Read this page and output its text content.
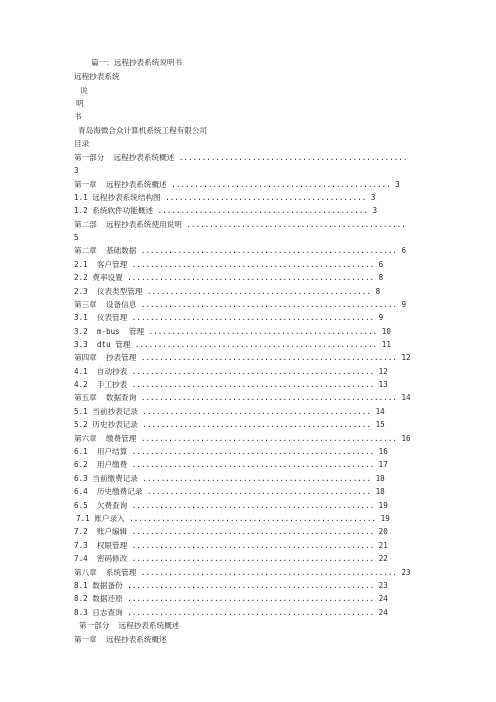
篇一：远程抄表系统说明书
远程抄表系统
说
明
书
青岛海微合众计算机系统工程有限公司
目录
第一部分  远程抄表系统概述 ..................................................
3
第一章  远程抄表系统概述 ................................................ 3
1.1 远程抄表系统结构图 ............................................ 3
1.2 系统软件功能概述 .............................................. 3
第二部  远程抄表系统使用说明 ................................................
5
第二章  基础数据 ........................................................ 6
2.1  客户管理 ..................................................... 6
2.2 费率设置 ...................................................... 8
2.3  仪表类型管理 ................................................. 8
第三章  设备信息 ........................................................ 9
3.1  仪表管理 ..................................................... 9
3.2  m-bus  管理 .................................................. 10
3.3  dtu 管理 ..................................................... 11
第四章  抄表管理 ........................................................ 12
4.1  自动抄表 ..................................................... 12
4.2  手工抄表 ..................................................... 13
第五章  数据查询 ........................................................ 14
5.1 当前抄表记录 .................................................. 14
5.2 历史抄表记录 .................................................. 15
第六章  缴费管理 ........................................................ 16
6.1  用户结算 ..................................................... 16
6.2  用户缴费 ..................................................... 17
6.3 当前缴费记录 .................................................. 18
6.4  历史缴费记录 ................................................. 18
6.5  欠费查询 ..................................................... 19
7.1 账户录入 ...................................................... 19
7.2  账户编辑 ..................................................... 20
7.3  权限管理 ..................................................... 21
7.4  密码修改 ..................................................... 22
第八章  系统管理 ........................................................ 23
8.1 数据备份 ...................................................... 23
8.2 数据还原 ...................................................... 24
8.3 日志查询 ...................................................... 24
第一部分  远程抄表系统概述
第一章  远程抄表系统概述
